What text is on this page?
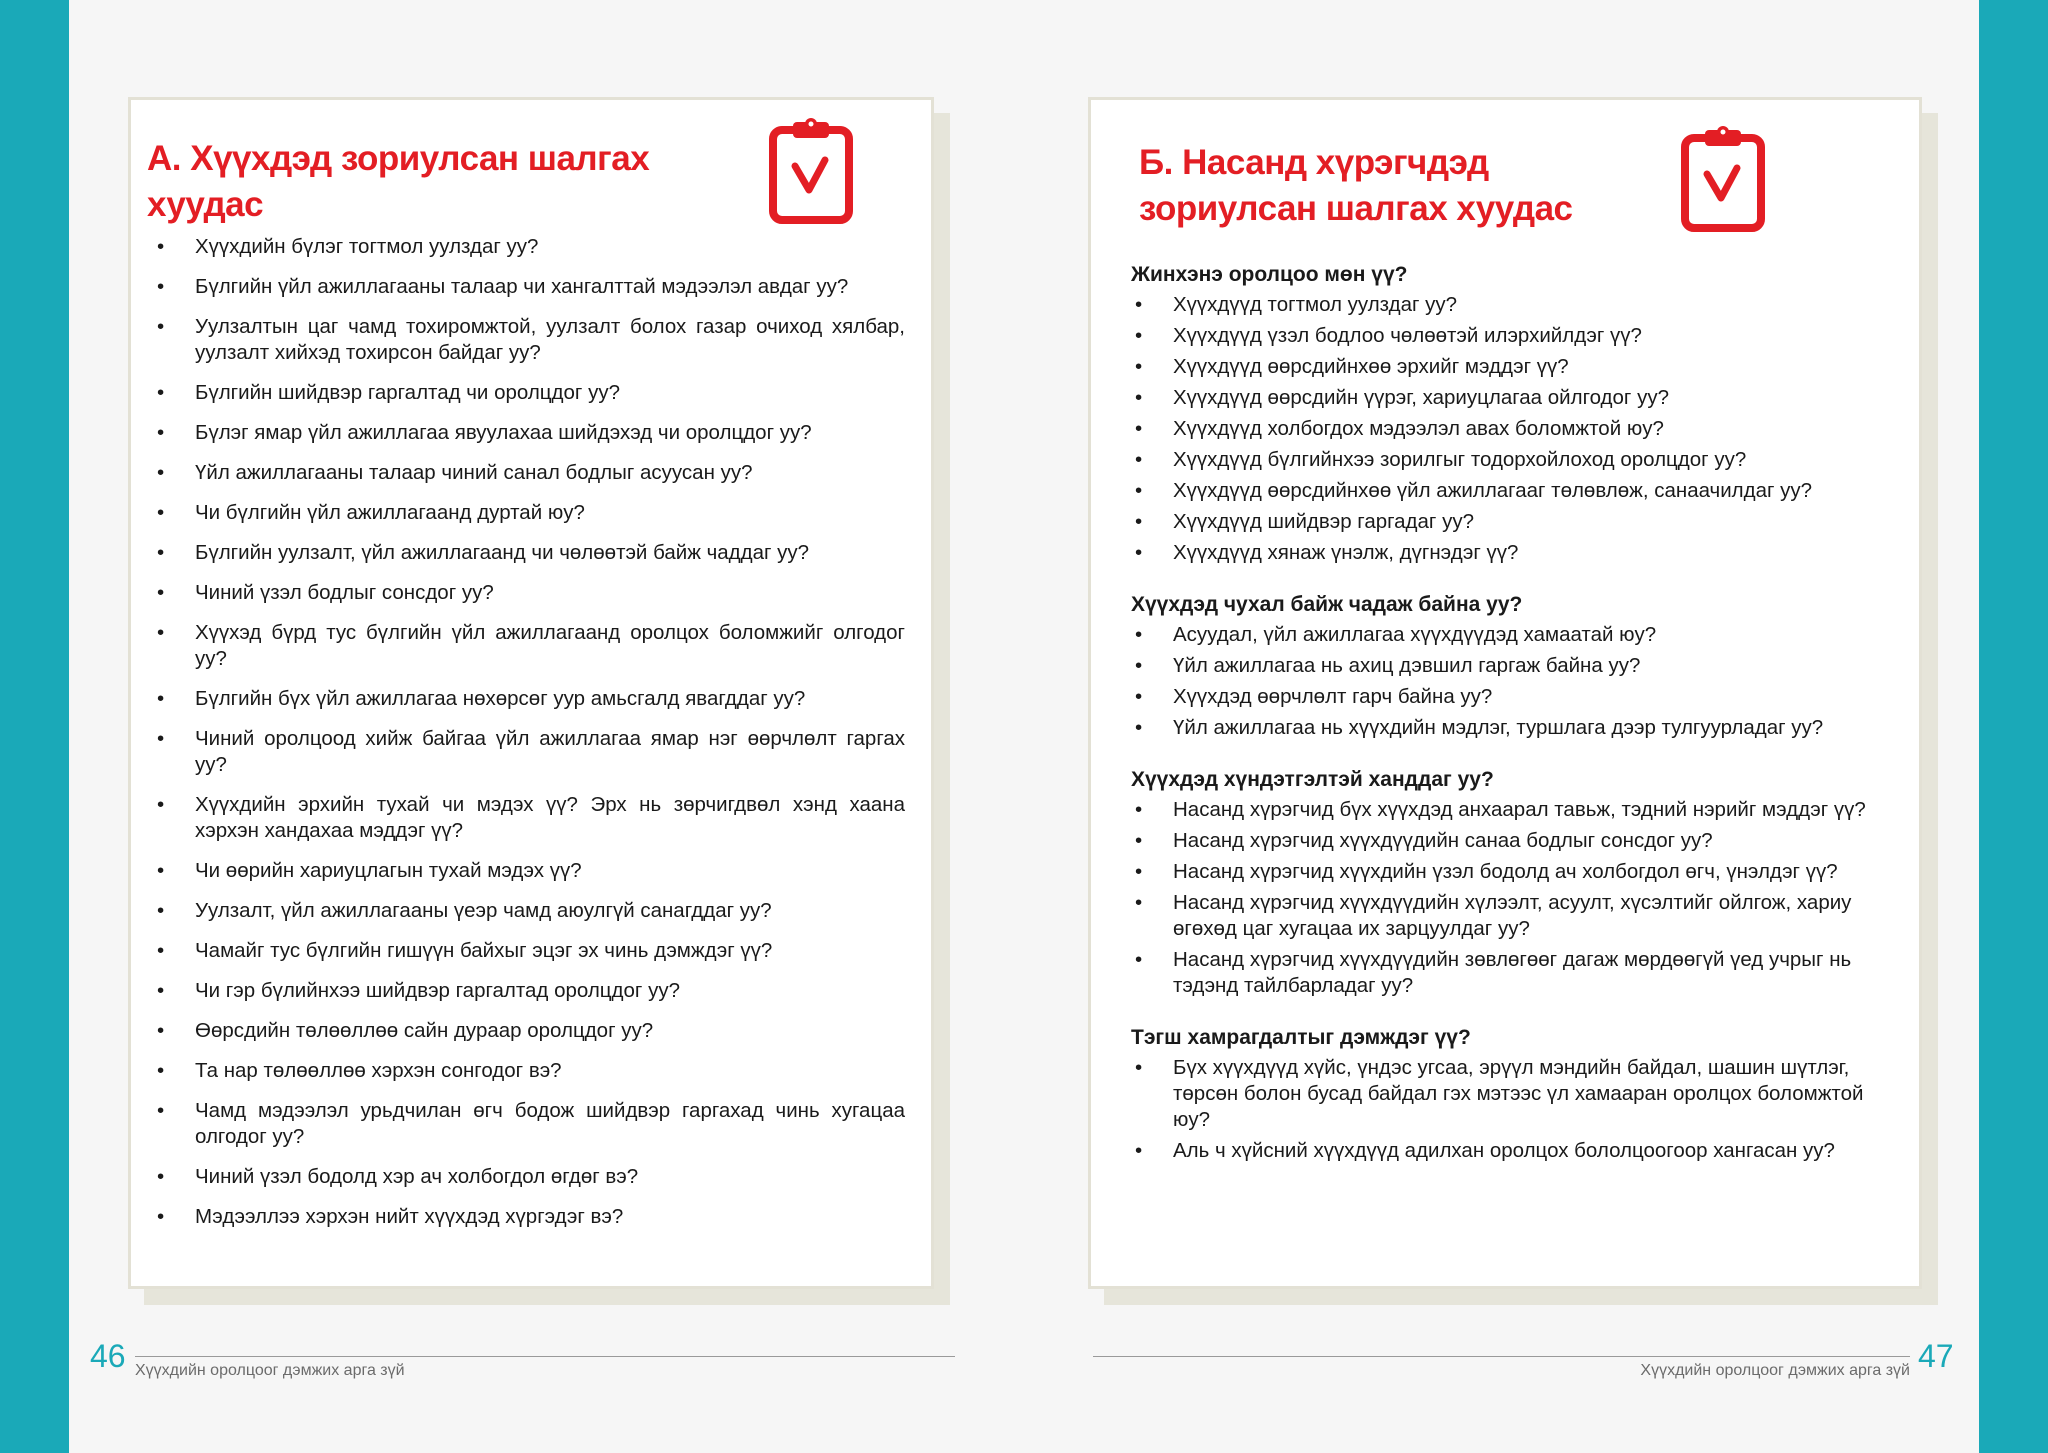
А. Хүүхдэд зориулсан шалгах хуудас
• Хүүхдийн бүлэг тогтмол уулздаг уу?
• Бүлгийн үйл ажиллагааны талаар чи хангалттай мэдээлэл авдаг уу?
• Уулзалтын цаг чамд тохиромжтой, уулзалт болох газар очиход хялбар, уулзалт хийхэд тохирсон байдаг уу?
• Бүлгийн шийдвэр гаргалтад чи оролцдог уу?
• Бүлэг ямар үйл ажиллагаа явуулахаа шийдэхэд чи оролцдог уу?
• Үйл ажиллагааны талаар чиний санал бодлыг асуусан уу?
• Чи бүлгийн үйл ажиллагаанд дуртай юу?
• Бүлгийн уулзалт, үйл ажиллагаанд чи чөлөөтэй байж чаддаг уу?
• Чиний үзэл бодлыг сонсдог уу?
• Хүүхэд бүрд тус бүлгийн үйл ажиллагаанд оролцох боломжийг олгодог уу?
• Бүлгийн бүх үйл ажиллагаа нөхөрсөг уур амьсгалд явагддаг уу?
• Чиний оролцоод хийж байгаа үйл ажиллагаа ямар нэг өөрчлөлт гаргах уу?
• Хүүхдийн эрхийн тухай чи мэдэх үү? Эрх нь зөрчигдвөл хэнд хаана хэрхэн хандахаа мэддэг үү?
• Чи өөрийн хариуцлагын тухай мэдэх үү?
• Уулзалт, үйл ажиллагааны үеэр чамд аюулгүй санагддаг уу?
• Чамайг тус бүлгийн гишүүн байхыг эцэг эх чинь дэмждэг үү?
• Чи гэр бүлийнхээ шийдвэр гаргалтад оролцдог уу?
• Өөрсдийн төлөөллөө сайн дураар оролцдог уу?
• Та нар төлөөллөө хэрхэн сонгодог вэ?
• Чамд мэдээлэл урьдчилан өгч бодож шийдвэр гаргахад чинь хугацаа олгодог уу?
• Чиний үзэл бодолд хэр ач холбогдол өгдөг вэ?
• Мэдээллээ хэрхэн нийт хүүхдэд хүргэдэг вэ?
Б. Насанд хүрэгчдэд зориулсан шалгах хуудас
Жинхэнэ оролцоо мөн үү?
• Хүүхдүүд тогтмол уулздаг уу?
• Хүүхдүүд үзэл бодлоо чөлөөтэй илэрхийлдэг үү?
• Хүүхдүүд өөрсдийнхөө эрхийг мэддэг үү?
• Хүүхдүүд өөрсдийн үүрэг, хариуцлагаа ойлгодог уу?
• Хүүхдүүд холбогдох мэдээлэл авах боломжтой юу?
• Хүүхдүүд бүлгийнхээ зорилгыг тодорхойлоход оролцдог уу?
• Хүүхдүүд өөрсдийнхөө үйл ажиллагааг төлөвлөж, санаачилдаг уу?
• Хүүхдүүд шийдвэр гаргадаг уу?
• Хүүхдүүд хянаж үнэлж, дүгнэдэг үү?
Хүүхдэд чухал байж чадаж байна уу?
• Асуудал, үйл ажиллагаа хүүхдүүдэд хамаатай юу?
• Үйл ажиллагаа нь ахиц дэвшил гаргаж байна уу?
• Хүүхдэд өөрчлөлт гарч байна уу?
• Үйл ажиллагаа нь хүүхдийн мэдлэг, туршлага дээр тулгуурладаг уу?
Хүүхдэд хүндэтгэлтэй ханддаг уу?
• Насанд хүрэгчид бүх хүүхдэд анхаарал тавьж, тэдний нэрийг мэддэг үү?
• Насанд хүрэгчид хүүхдүүдийн санаа бодлыг сонсдог уу?
• Насанд хүрэгчид хүүхдийн үзэл бодолд ач холбогдол өгч, үнэлдэг үү?
• Насанд хүрэгчид хүүхдүүдийн хүлээлт, асуулт, хүсэлтийг ойлгож, хариу өгөхөд цаг хугацаа их зарцуулдаг уу?
• Насанд хүрэгчид хүүхдүүдийн зөвлөгөөг дагаж мөрдөөгүй үед учрыг нь тэдэнд тайлбарладаг уу?
Тэгш хамрагдалтыг дэмждэг үү?
• Бүх хүүхдүүд хүйс, үндэс угсаа, эрүүл мэндийн байдал, шашин шүтлэг, төрсөн болон бусад байдал гэх мэтээс үл хамааран оролцох боломжтой юу?
• Аль ч хүйсний хүүхдүүд адилхан оролцох бололцоогоор хангасан уу?
46 Хүүхдийн оролцоог дэмжих арга зүй	47
Хүүхдийн оролцоог дэмжих арга зүй
